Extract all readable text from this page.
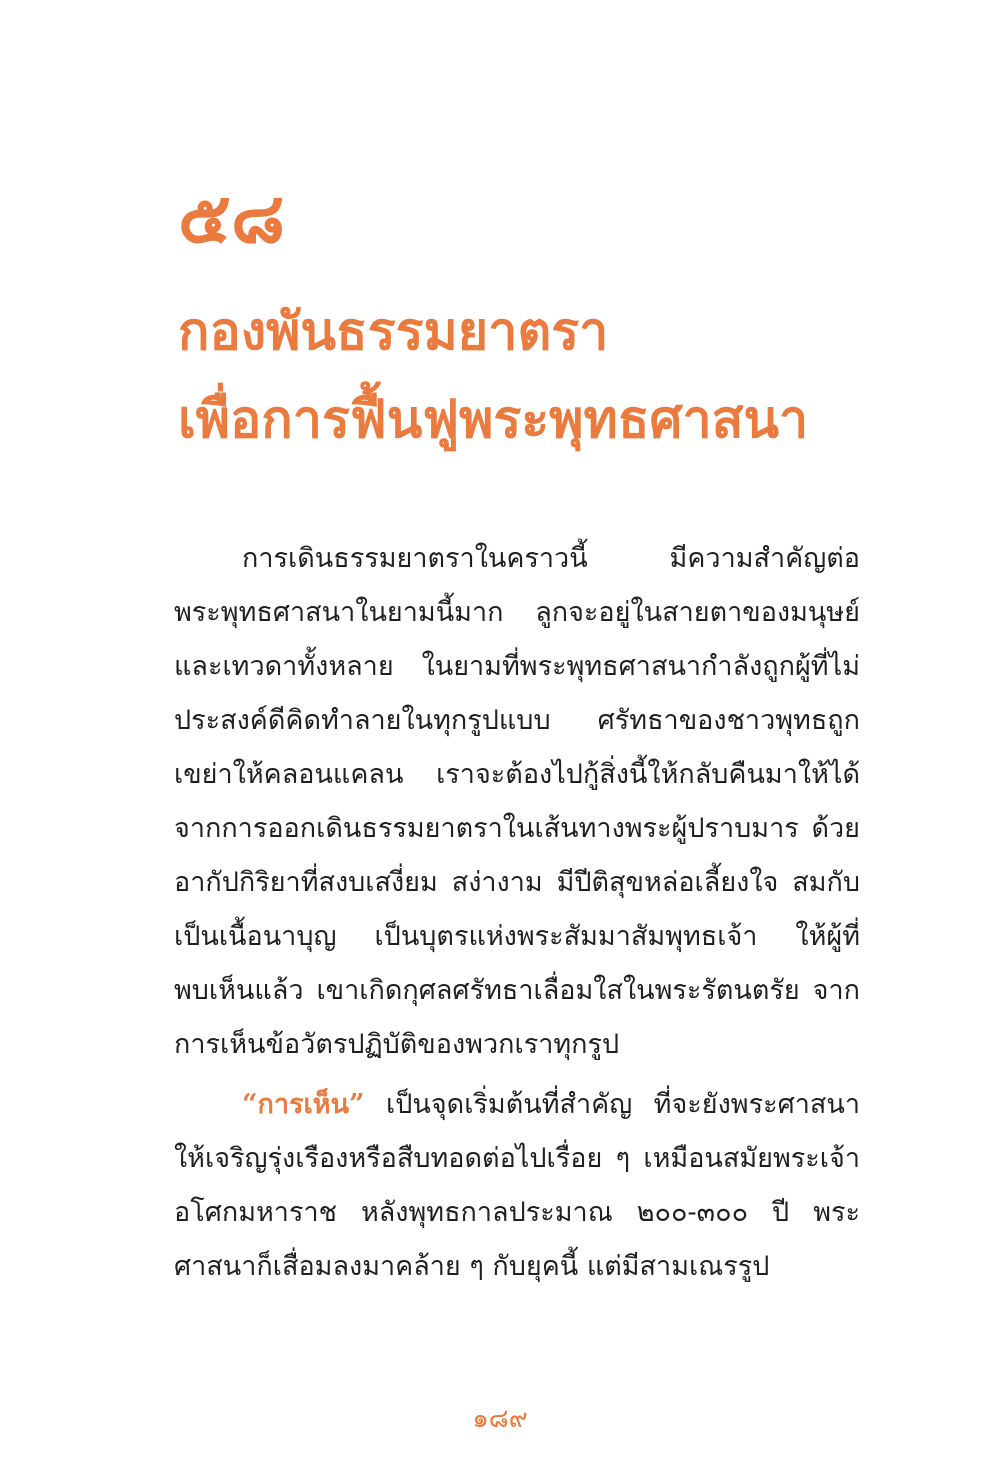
๕๘
กองพันธรรมยาตรา
เพื่อการฟื้นฟูพระพุทธศาสนา

การเดินธรรมยาตราในคราวนี้ มีความสำคัญต่อพระพุทธศาสนาในยามนี้มาก ลูกจะอยู่ในสายตาของมนุษย์และเทวดาทั้งหลาย ในยามที่พระพุทธศาสนากำลังถูกผู้ที่ไม่ประสงค์ดีคิดทำลายในทุกรูปแบบ ศรัทธาของชาวพุทธถูกเขย่าให้คลอนแคลน เราจะต้องไปกู้สิ่งนี้ให้กลับคืนมาให้ได้ จากการออกเดินธรรมยาตราในเส้นทางพระผู้ปราบมาร ด้วยอากัปกิริยาที่สงบเสงี่ยม สง่างาม มีปีติสุขหล่อเลี้ยงใจ สมกับเป็นเนื้อนาบุญ เป็นบุตรแห่งพระสัมมาสัมพุทธเจ้า ให้ผู้ที่พบเห็นแล้ว เขาเกิดกุศลศรัทธาเลื่อมใสในพระรัตนตรัย จากการเห็นข้อวัตรปฏิบัติของพวกเราทุกรูป

“การเห็น” เป็นจุดเริ่มต้นที่สำคัญ ที่จะยังพระศาสนาให้เจริญรุ่งเรืองหรือสืบทอดต่อไปเรื่อย ๆ เหมือนสมัยพระเจ้าอโศกมหาราช หลังพุทธกาลประมาณ ๒๐๐-๓๐๐ ปี พระศาสนาก็เสื่อมลงมาคล้าย ๆ กับยุคนี้ แต่มีสามเณรรูป

๑๘๙
